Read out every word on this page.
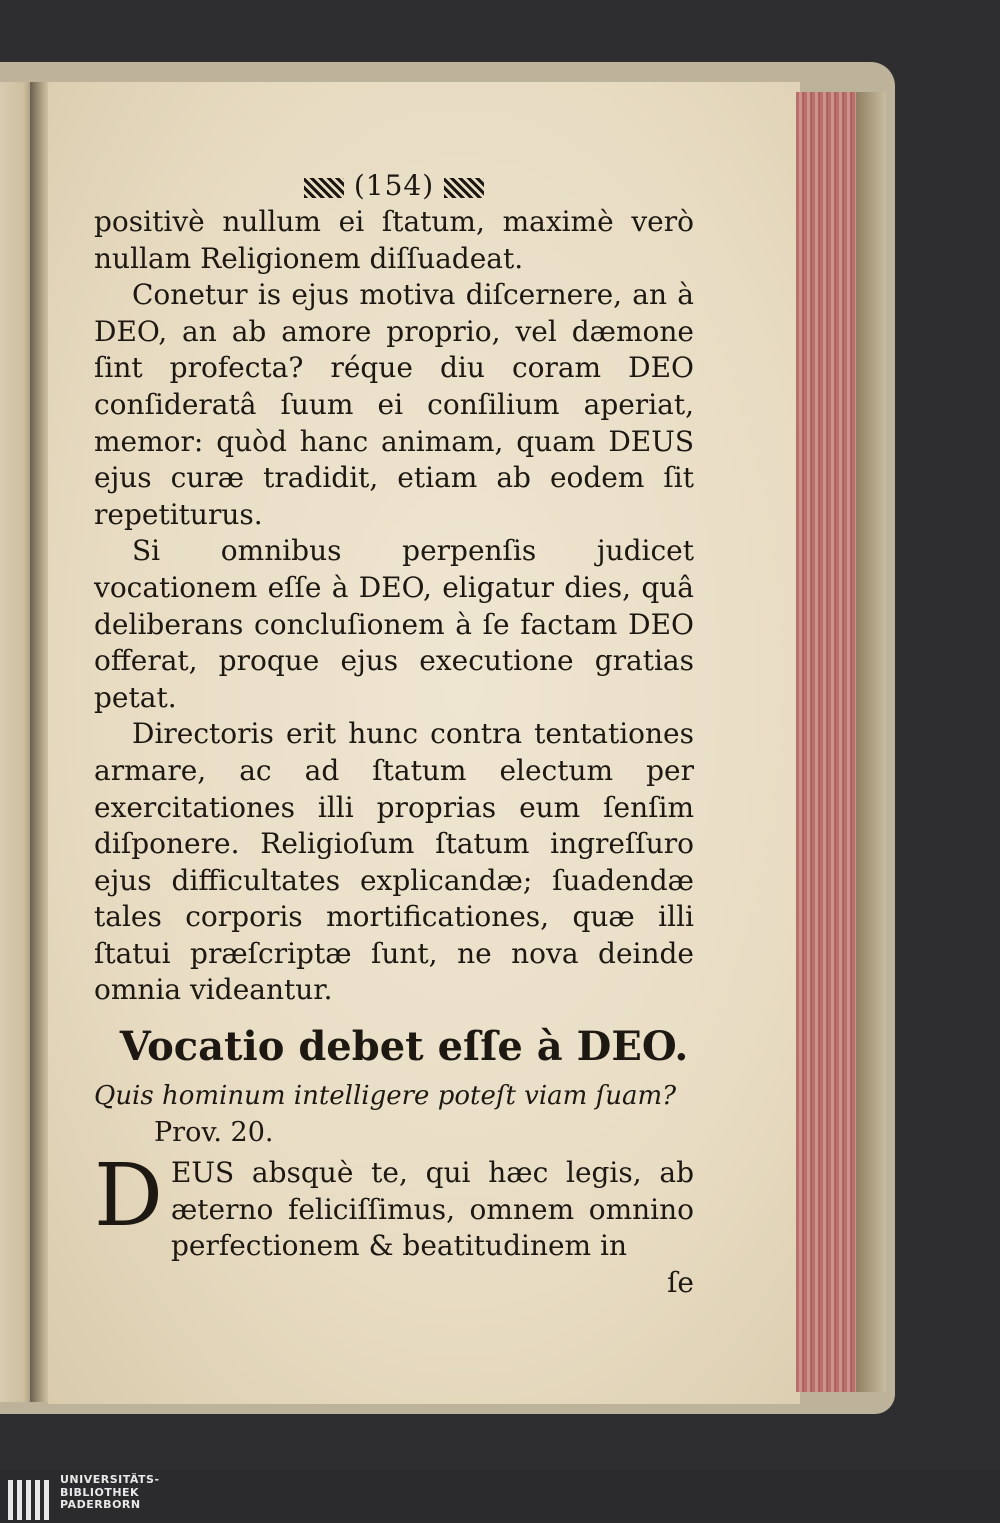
(154)

positivè nullum ei ſtatum, maximè verò nullam Religionem diſſuadeat.

Conetur is ejus motiva diſcernere, an à DEO, an ab amore proprio, vel dæmone ſint profecta? réque diu coram DEO conſideratâ ſuum ei conſilium aperiat, memor: quòd hanc animam, quam DEUS ejus curæ tradidit, etiam ab eodem ſit repetiturus.

Si omnibus perpenſis judicet vocationem eſſe à DEO, eligatur dies, quâ deliberans concluſionem à ſe factam DEO offerat, proque ejus executione gratias petat.

Directoris erit hunc contra tentationes armare, ac ad ſtatum electum per exercitationes illi proprias eum ſenſim diſponere. Religioſum ſtatum ingreſſuro ejus difficultates explicandæ; ſuadendæ tales corporis mortificationes, quæ illi ſtatui præſcriptæ ſunt, ne nova deinde omnia videantur.

Vocatio debet eſſe à DEO.

Quis hominum intelligere poteſt viam ſuam?

Prov. 20.

DEUS absquè te, qui hæc legis, ab æterno feliciſſimus, omnem omnino perfectionem & beatitudinem in

ſe

UNIVERSITÄTS-
BIBLIOTHEK
PADERBORN
